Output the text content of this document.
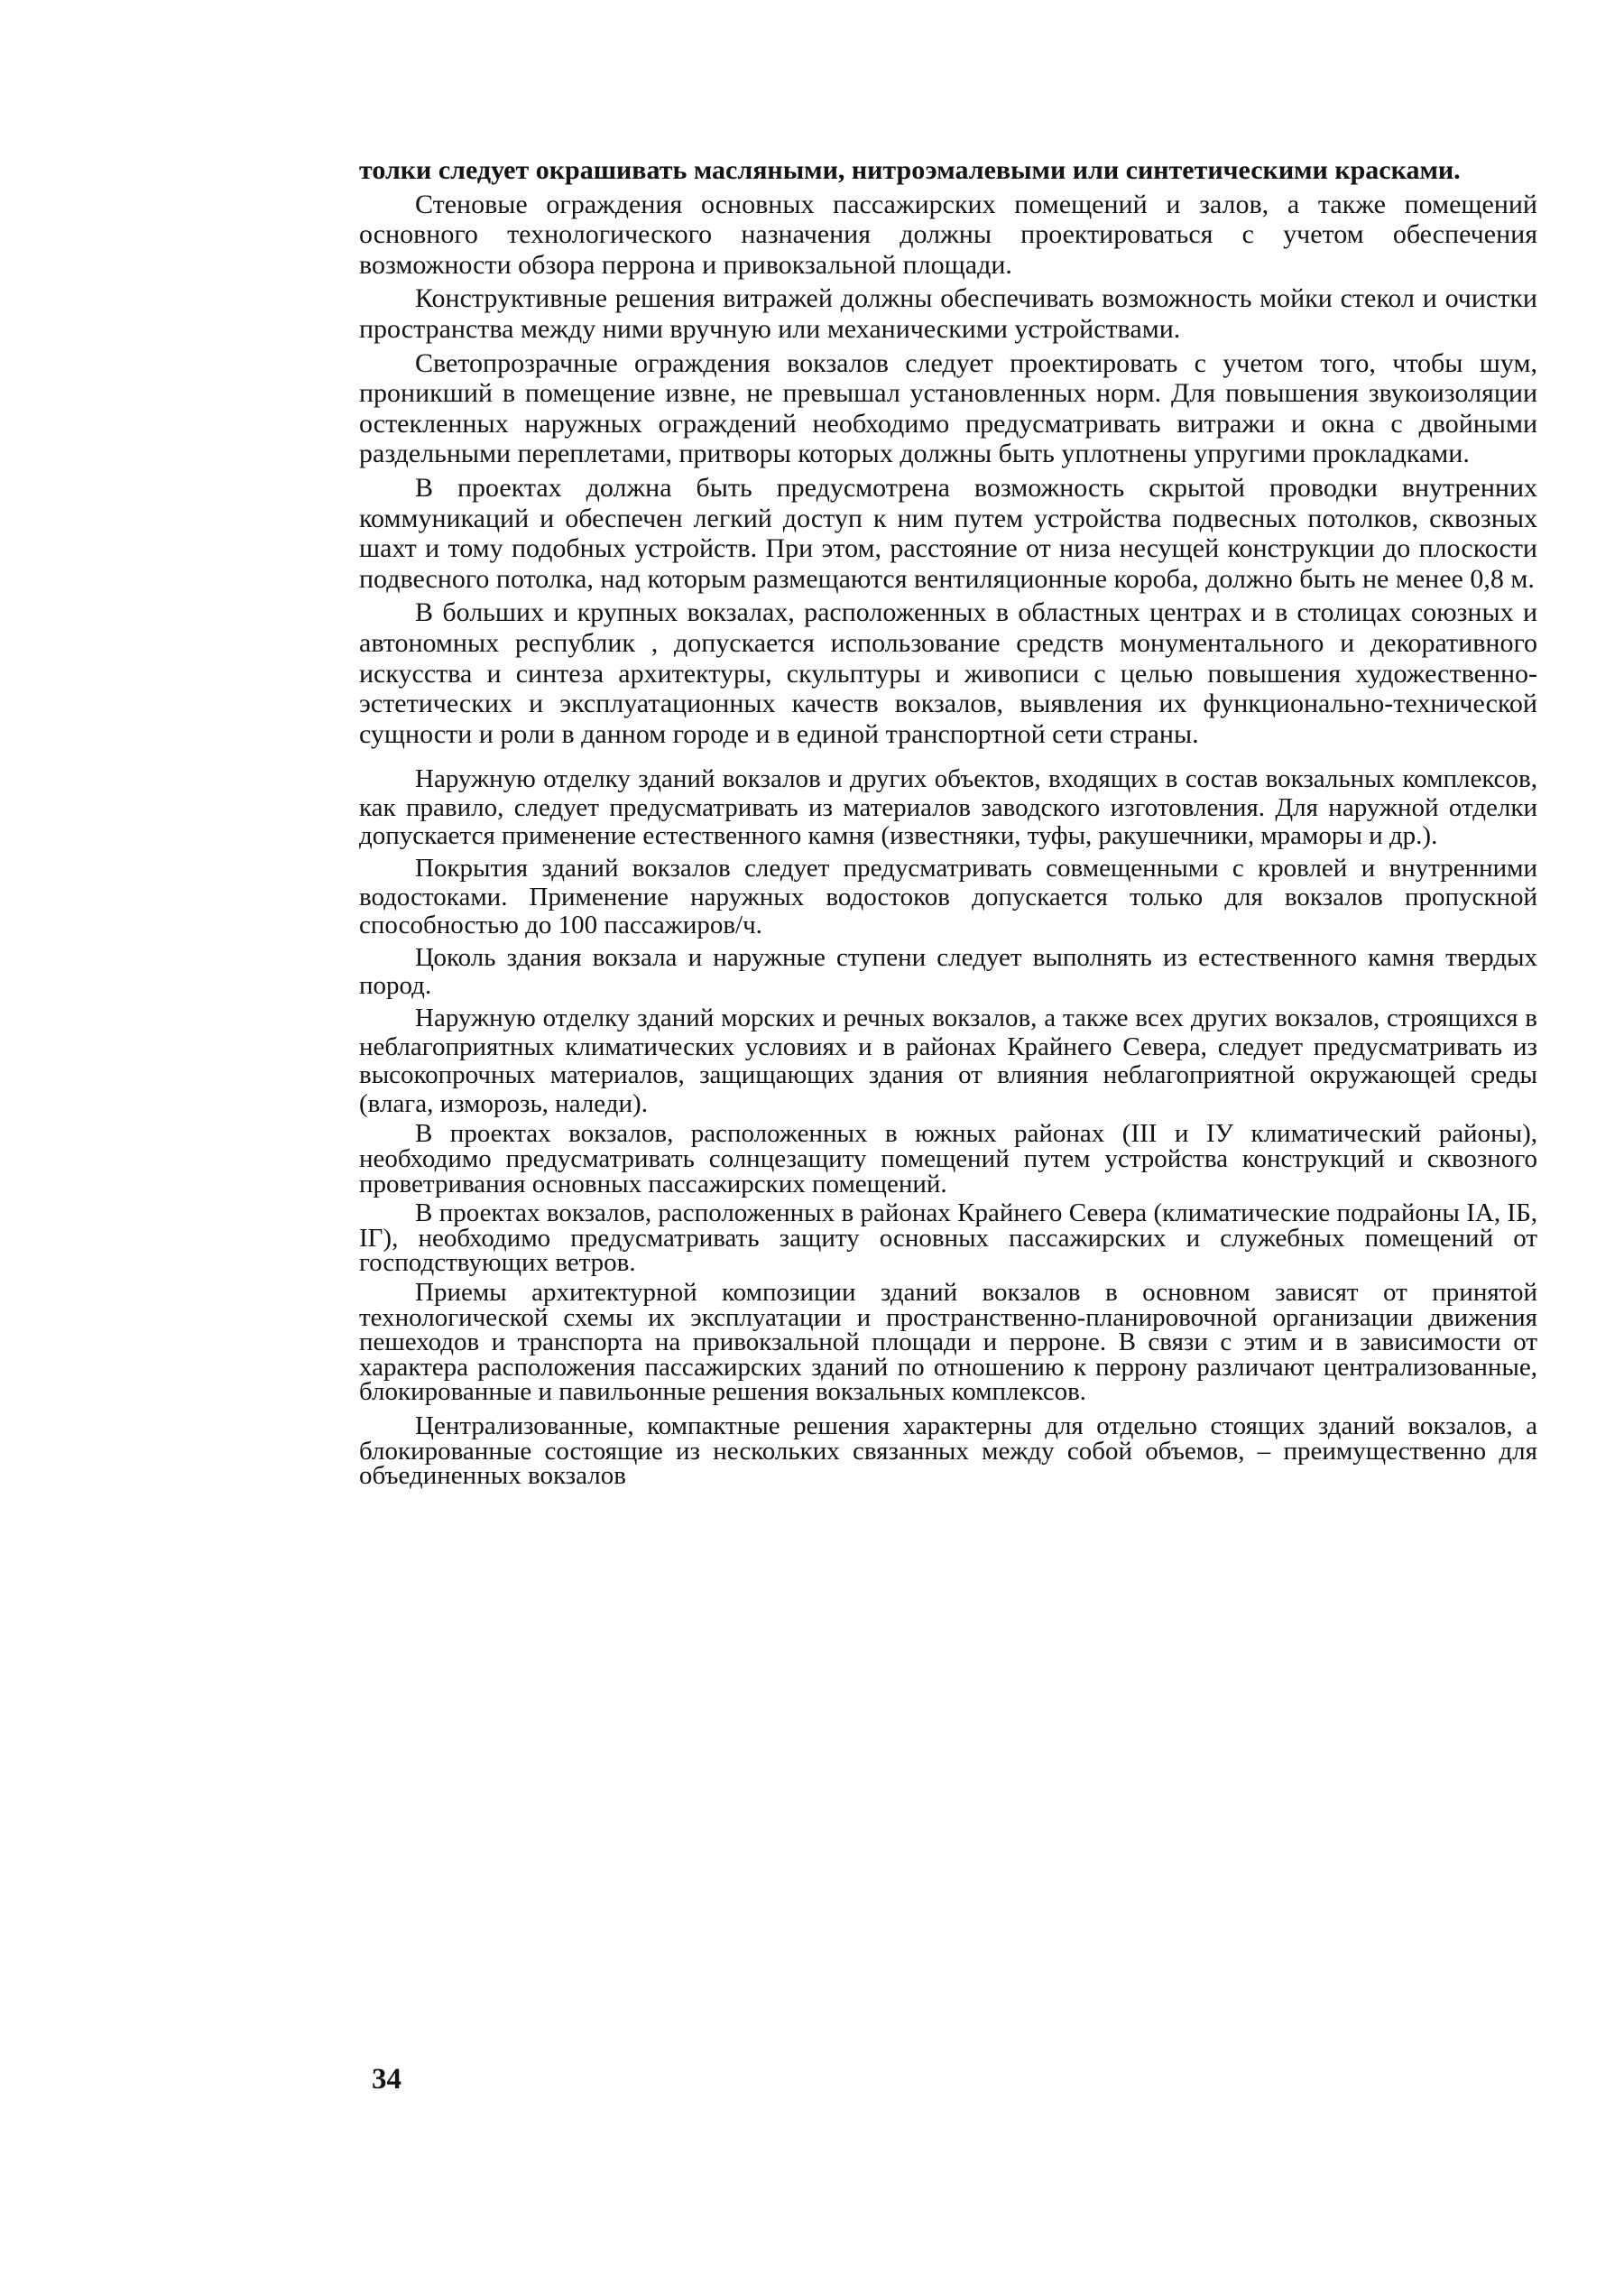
толки следует окрашивать масляными, нитроэмалевыми или синтетическими красками.

Стеновые ограждения основных пассажирских помещений и залов, а также помещений основного технологического назначения должны проектироваться с учетом обеспечения возможности обзора перрона и привокзальной площади.

Конструктивные решения витражей должны обеспечивать возможность мойки стекол и очистки пространства между ними вручную или механическими устройствами.

Светопрозрачные ограждения вокзалов следует проектировать с учетом того, чтобы шум, проникший в помещение извне, не превышал установленных норм. Для повышения звукоизоляции остекленных наружных ограждений необходимо предусматривать витражи и окна с двойными раздельными переплетами, притворы которых должны быть уплотнены упругими прокладками.

В проектах должна быть предусмотрена возможность скрытой проводки внутренних коммуникаций и обеспечен легкий доступ к ним путем устройства подвесных потолков, сквозных шахт и тому подобных устройств. При этом, расстояние от низа несущей конструкции до плоскости подвесного потолка, над которым размещаются вентиляционные короба, должно быть не менее 0,8 м.

В больших и крупных вокзалах, расположенных в областных центрах и в столицах союзных и автономных республик , допускается использование средств монументального и декоративного искусства и синтеза архитектуры, скульптуры и живописи с целью повышения художественно-эстетических и эксплуатационных качеств вокзалов, выявления их функционально-технической сущности и роли в данном городе и в единой транспортной сети страны.

Наружную отделку зданий вокзалов и других объектов, входящих в состав вокзальных комплексов, как правило, следует предусматривать из материалов заводского изготовления. Для наружной отделки допускается применение естественного камня (известняки, туфы, ракушечники, мраморы и др.).

Покрытия зданий вокзалов следует предусматривать совмещенными с кровлей и внутренними водостоками. Применение наружных водостоков допускается только для вокзалов пропускной способностью до 100 пассажиров/ч.

Цоколь здания вокзала и наружные ступени следует выполнять из естественного камня твердых пород.

Наружную отделку зданий морских и речных вокзалов, а также всех других вокзалов, строящихся в неблагоприятных климатических условиях и в районах Крайнего Севера, следует предусматривать из высокопрочных материалов, защищающих здания от влияния неблагоприятной окружающей среды (влага, изморозь, наледи).

В проектах вокзалов, расположенных в южных районах (III и IУ климатический районы), необходимо предусматривать солнцезащиту помещений путем устройства конструкций и сквозного проветривания основных пассажирских помещений.

В проектах вокзалов, расположенных в районах Крайнего Севера (климатические подрайоны IА, IБ, IГ), необходимо предусматривать защиту основных пассажирских и служебных помещений от господствующих ветров.

Приемы архитектурной композиции зданий вокзалов в основном зависят от принятой технологической схемы их эксплуатации и пространственно-планировочной организации движения пешеходов и транспорта на привокзальной площади и перроне. В связи с этим и в зависимости от характера расположения пассажирских зданий по отношению к перрону различают централизованные, блокированные и павильонные решения вокзальных комплексов.

Централизованные, компактные решения характерны для отдельно стоящих зданий вокзалов, а блокированные состоящие из нескольких связанных между собой объемов, – преимущественно для объединенных вокзалов

34
